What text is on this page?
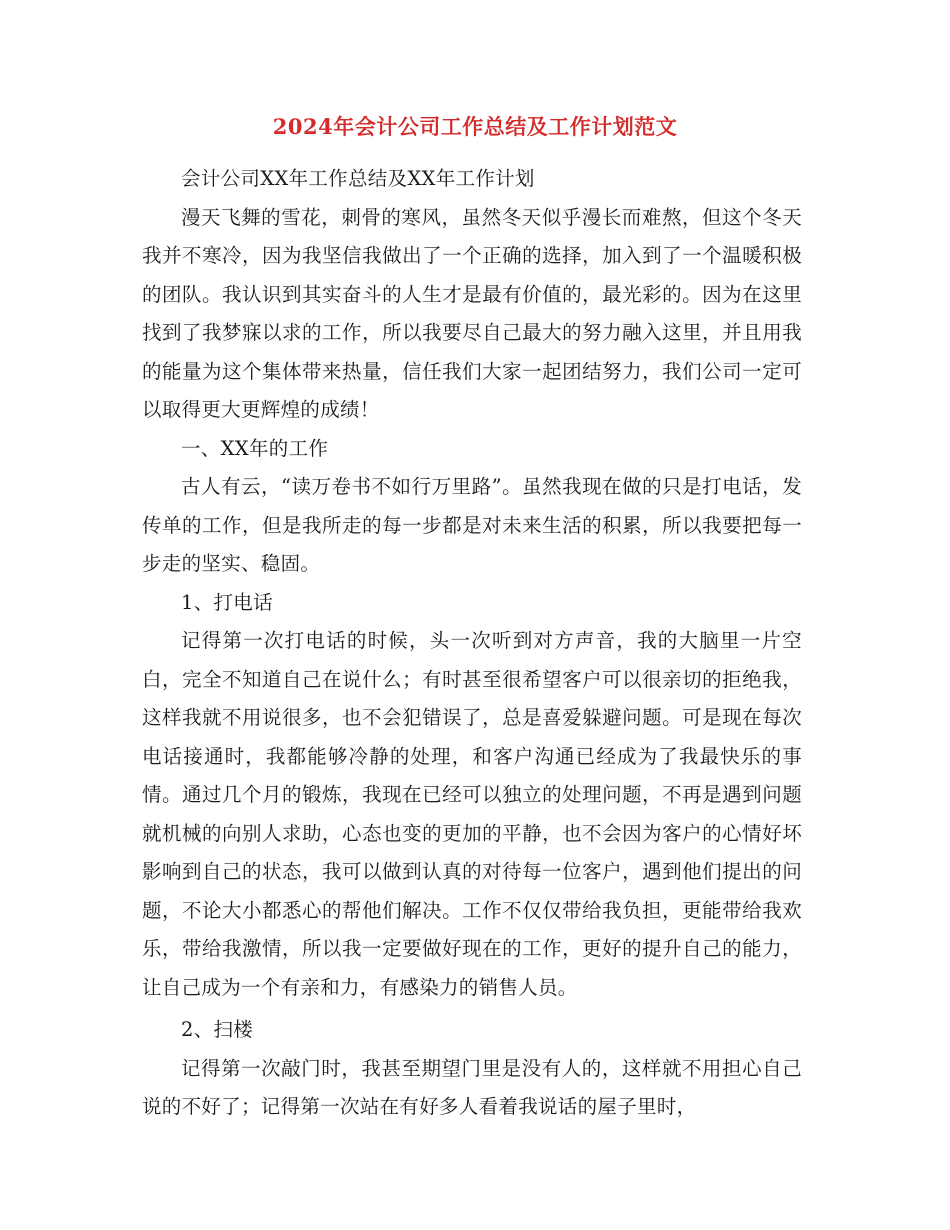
2024年会计公司工作总结及工作计划范文

会计公司XX年工作总结及XX年工作计划

漫天飞舞的雪花，刺骨的寒风，虽然冬天似乎漫长而难熬，但这个冬天我并不寒冷，因为我坚信我做出了一个正确的选择，加入到了一个温暖积极的团队。我认识到其实奋斗的人生才是最有价值的，最光彩的。因为在这里找到了我梦寐以求的工作，所以我要尽自己最大的努力融入这里，并且用我的能量为这个集体带来热量，信任我们大家一起团结努力，我们公司一定可以取得更大更辉煌的成绩！

一、XX年的工作

古人有云，“读万卷书不如行万里路”。虽然我现在做的只是打电话，发传单的工作，但是我所走的每一步都是对未来生活的积累，所以我要把每一步走的坚实、稳固。

1、打电话

记得第一次打电话的时候，头一次听到对方声音，我的大脑里一片空白，完全不知道自己在说什么；有时甚至很希望客户可以很亲切的拒绝我，这样我就不用说很多，也不会犯错误了，总是喜爱躲避问题。可是现在每次电话接通时，我都能够冷静的处理，和客户沟通已经成为了我最快乐的事情。通过几个月的锻炼，我现在已经可以独立的处理问题，不再是遇到问题就机械的向别人求助，心态也变的更加的平静，也不会因为客户的心情好坏影响到自己的状态，我可以做到认真的对待每一位客户，遇到他们提出的问题，不论大小都悉心的帮他们解决。工作不仅仅带给我负担，更能带给我欢乐，带给我激情，所以我一定要做好现在的工作，更好的提升自己的能力，让自己成为一个有亲和力，有感染力的销售人员。

2、扫楼

记得第一次敲门时，我甚至期望门里是没有人的，这样就不用担心自己说的不好了；记得第一次站在有好多人看着我说话的屋子里时，
